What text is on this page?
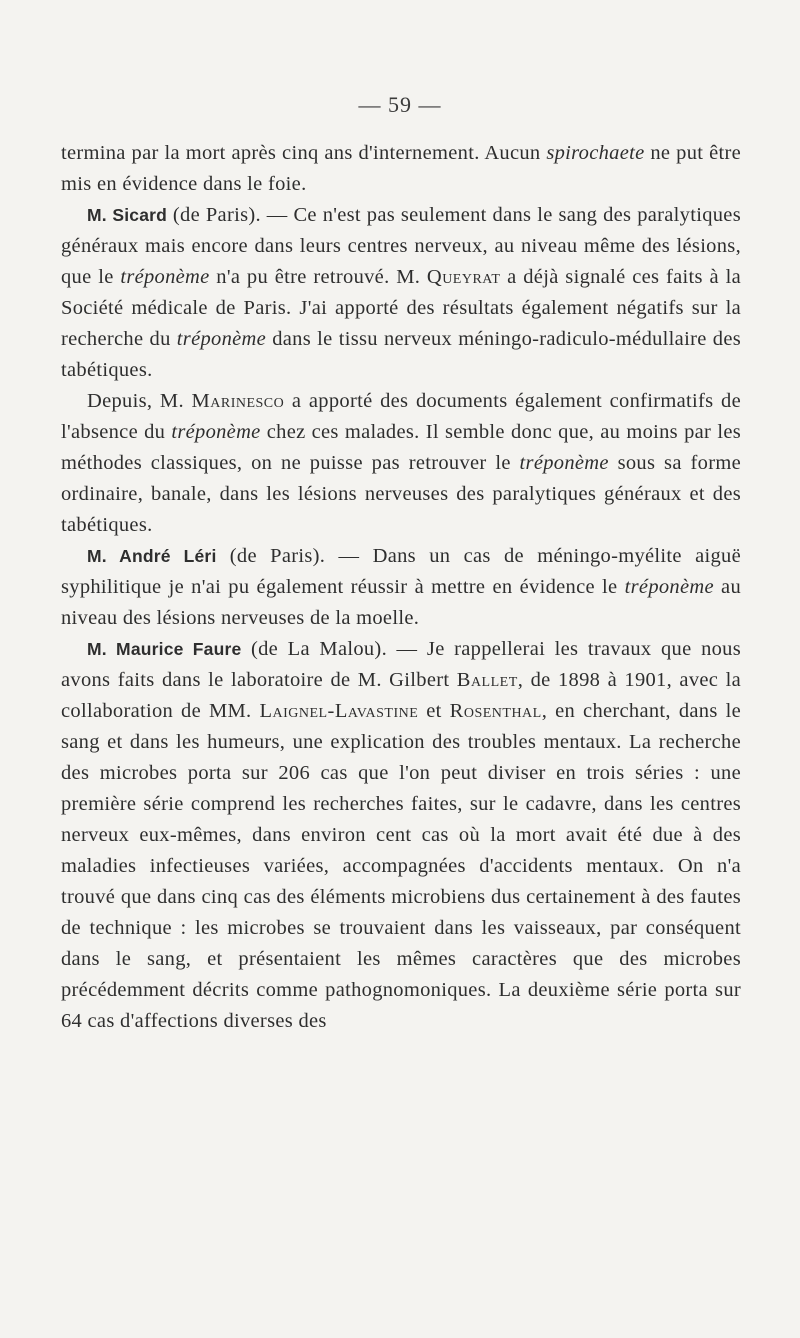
— 59 —

termina par la mort après cinq ans d'internement. Aucun spirochaete ne put être mis en évidence dans le foie.

M. Sicard (de Paris). — Ce n'est pas seulement dans le sang des paralytiques généraux mais encore dans leurs centres nerveux, au niveau même des lésions, que le tréponème n'a pu être retrouvé. M. Queyrat a déjà signalé ces faits à la Société médicale de Paris. J'ai apporté des résultats également négatifs sur la recherche du tréponème dans le tissu nerveux méningo-radiculo-médullaire des tabétiques.

Depuis, M. Marinesco a apporté des documents également confirmatifs de l'absence du tréponème chez ces malades. Il semble donc que, au moins par les méthodes classiques, on ne puisse pas retrouver le tréponème sous sa forme ordinaire, banale, dans les lésions nerveuses des paralytiques généraux et des tabétiques.

M. André Léri (de Paris). — Dans un cas de méningo-myélite aiguë syphilitique je n'ai pu également réussir à mettre en évidence le tréponème au niveau des lésions nerveuses de la moelle.

M. Maurice Faure (de La Malou). — Je rappellerai les travaux que nous avons faits dans le laboratoire de M. Gilbert Ballet, de 1898 à 1901, avec la collaboration de MM. Laignel-Lavastine et Rosenthal, en cherchant, dans le sang et dans les humeurs, une explication des troubles mentaux. La recherche des microbes porta sur 206 cas que l'on peut diviser en trois séries : une première série comprend les recherches faites, sur le cadavre, dans les centres nerveux eux-mêmes, dans environ cent cas où la mort avait été due à des maladies infectieuses variées, accompagnées d'accidents mentaux. On n'a trouvé que dans cinq cas des éléments microbiens dus certainement à des fautes de technique : les microbes se trouvaient dans les vaisseaux, par conséquent dans le sang, et présentaient les mêmes caractères que des microbes précédemment décrits comme pathognomoniques. La deuxième série porta sur 64 cas d'affections diverses des
